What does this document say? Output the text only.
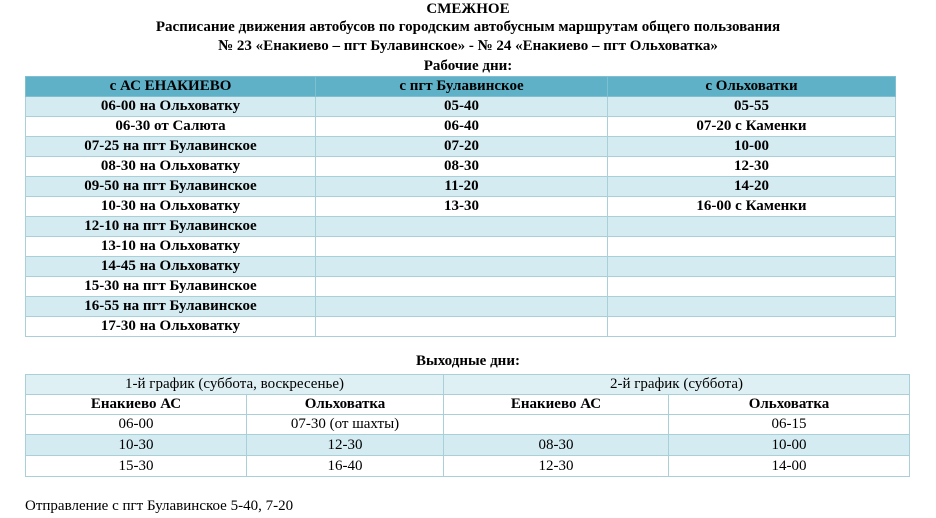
СМЕЖНОЕ
Расписание движения автобусов по городским автобусным маршрутам общего пользования
№ 23 «Енакиево – пгт Булавинское» - № 24 «Енакиево – пгт Ольховатка»
Рабочие дни:
с АС ЕНАКИЕВО	с пгт Булавинское	с Ольховатки
06-00 на Ольховатку	05-40	05-55
06-30 от Салюта	06-40	07-20 с Каменки
07-25 на пгт Булавинское	07-20	10-00
08-30 на Ольховатку	08-30	12-30
09-50 на пгт Булавинское	11-20	14-20
10-30 на Ольховатку	13-30	16-00 с Каменки
12-10 на пгт Булавинское		
13-10 на Ольховатку		
14-45 на Ольховатку		
15-30 на пгт Булавинское		
16-55 на пгт Булавинское		
17-30 на Ольховатку		
Выходные дни:
1-й график (суббота, воскресенье)		2-й график (суббота)	
Енакиево АС	Ольховатка	Енакиево АС	Ольховатка
06-00	07-30 (от шахты)		06-15
10-30	12-30	08-30	10-00
15-30	16-40	12-30	14-00
Отправление с пгт Булавинское 5-40, 7-20
